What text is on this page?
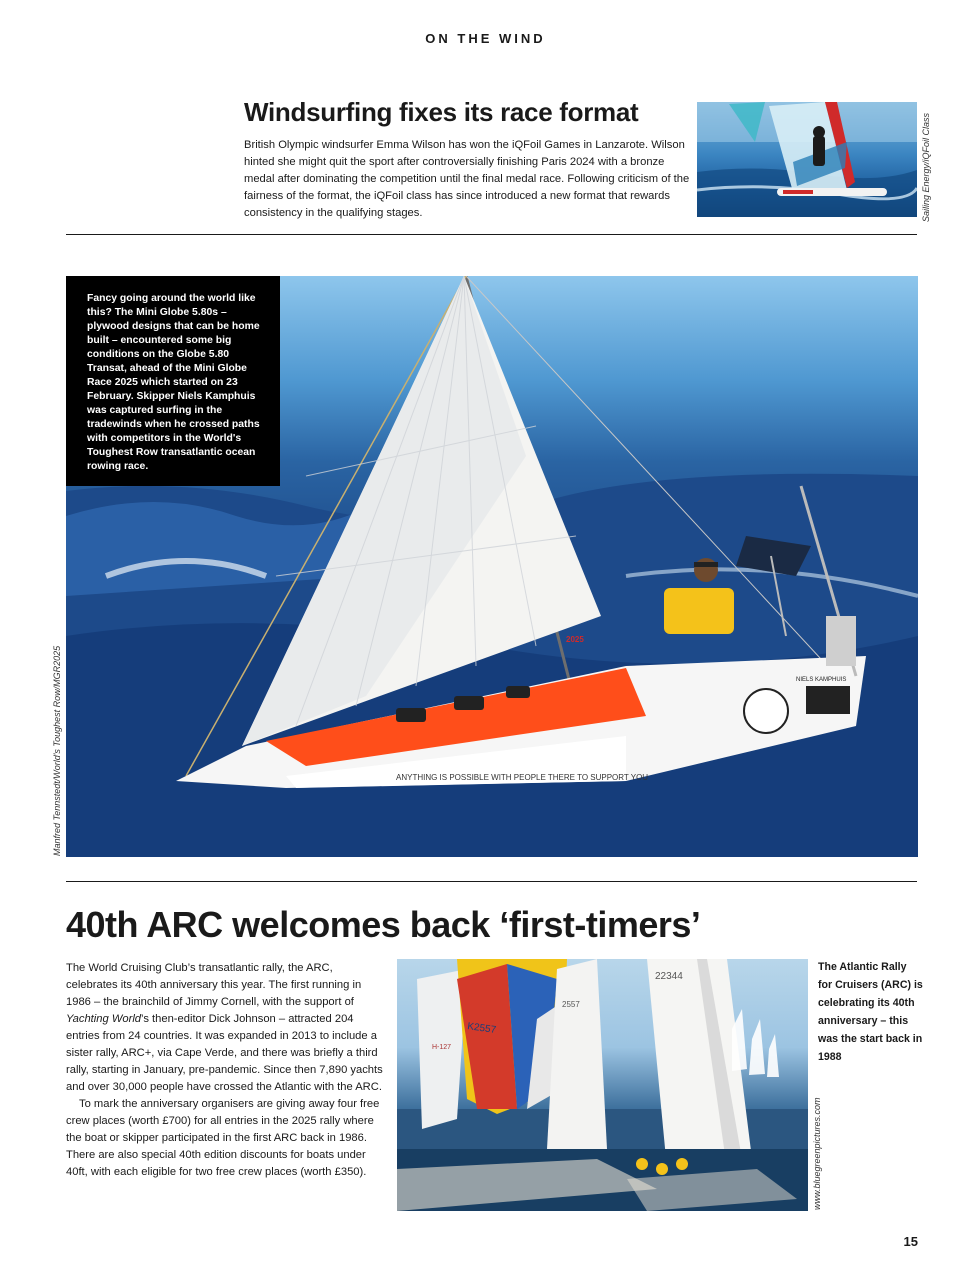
ON THE WIND
Windsurfing fixes its race format
British Olympic windsurfer Emma Wilson has won the iQFoil Games in Lanzarote. Wilson hinted she might quit the sport after controversially finishing Paris 2024 with a bronze medal after dominating the competition until the final medal race. Following criticism of the fairness of the format, the iQFoil class has since introduced a new format that rewards consistency in the qualifying stages.	Sailing Energy/iQFoil Class
ANYTHING IS POSSIBLE WITH PEOPLE THERE TO SUPPORT YOU
2025
NIELS KAMPHUIS
Fancy going around the world like this? The Mini Globe 5.80s – plywood designs that can be home built – encountered some big conditions on the Globe 5.80 Transat, ahead of the Mini Globe Race 2025 which started on 23 February. Skipper Niels Kamphuis was captured surfing in the tradewinds when he crossed paths with competitors in the World's Toughest Row transatlantic ocean rowing race.
Manfred Tennstedt/World's Toughest Row/MGR2025
40th ARC welcomes back ‘first-timers’

The World Cruising Club’s transatlantic rally, the ARC, celebrates its 40th anniversary this year. The first running in 1986 – the brainchild of Jimmy Cornell, with the support of Yachting World’s then-editor Dick Johnson – attracted 204 entries from 24 countries. It was expanded in 2013 to include a sister rally, ARC+, via Cape Verde, and there was briefly a third rally, starting in January, pre-pandemic. Since then 7,890 yachts and over 30,000 people have crossed the Atlantic with the ARC.

To mark the anniversary organisers are giving away four free crew places (worth £700) for all entries in the 2025 rally where the boat or skipper participated in the first ARC back in 1986. There are also special 40th edition discounts for boats under 40ft, with each eligible for two free crew places (worth £350).

K2557
2557
22344
H-127
www.bluegreenpictures.com
The Atlantic Rally for Cruisers (ARC) is celebrating its 40th anniversary – this was the start back in 1988
15
